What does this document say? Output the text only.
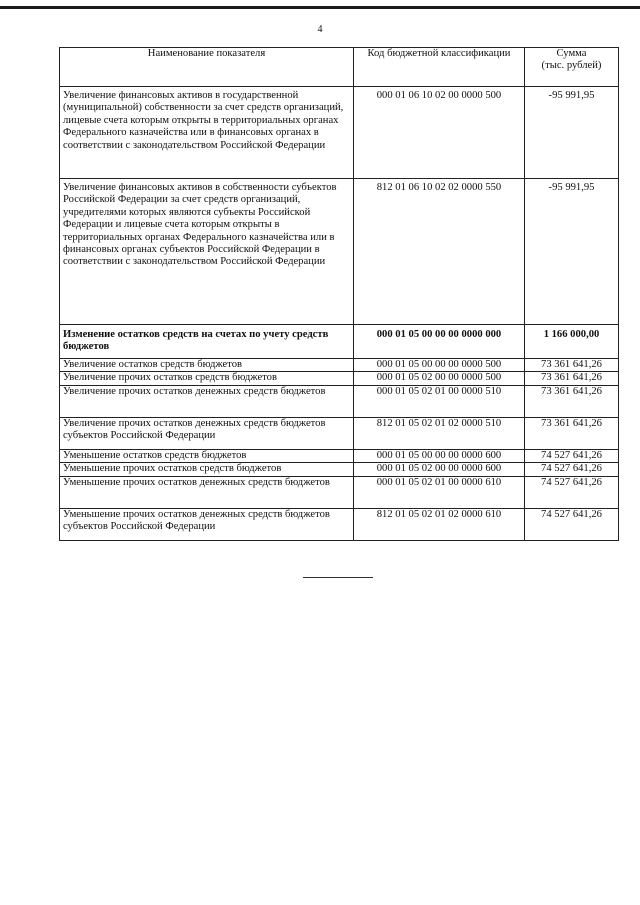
4
Наименование показателя	Код бюджетной классификации	Сумма
(тыс. рублей)
Увеличение финансовых активов в государственной (муниципальной) собственности за счет средств организаций, лицевые счета которым открыты в территориальных органах Федерального казначейства или в финансовых органах в соответствии с законодательством Российской Федерации	000 01 06 10 02 00 0000 500	-95 991,95
Увеличение финансовых активов в собственности субъектов Российской Федерации за счет средств организаций, учредителями которых являются субъекты Российской Федерации и лицевые счета которым открыты в территориальных органах Федерального казначейства или в финансовых органах субъектов Российской Федерации в соответствии с законодательством Российской Федерации	812 01 06 10 02 02 0000 550	-95 991,95
Изменение остатков средств на счетах по учету средств бюджетов	000 01 05 00 00 00 0000 000	1 166 000,00
Увеличение остатков средств бюджетов	000 01 05 00 00 00 0000 500	73 361 641,26
Увеличение прочих остатков средств бюджетов	000 01 05 02 00 00 0000 500	73 361 641,26
Увеличение прочих остатков денежных средств бюджетов	000 01 05 02 01 00 0000 510	73 361 641,26
Увеличение прочих остатков денежных средств бюджетов субъектов Российской Федерации	812 01 05 02 01 02 0000 510	73 361 641,26
Уменьшение остатков средств бюджетов	000 01 05 00 00 00 0000 600	74 527 641,26
Уменьшение прочих остатков средств бюджетов	000 01 05 02 00 00 0000 600	74 527 641,26
Уменьшение прочих остатков денежных средств бюджетов	000 01 05 02 01 00 0000 610	74 527 641,26
Уменьшение прочих остатков денежных средств бюджетов субъектов Российской Федерации	812 01 05 02 01 02 0000 610	74 527 641,26
